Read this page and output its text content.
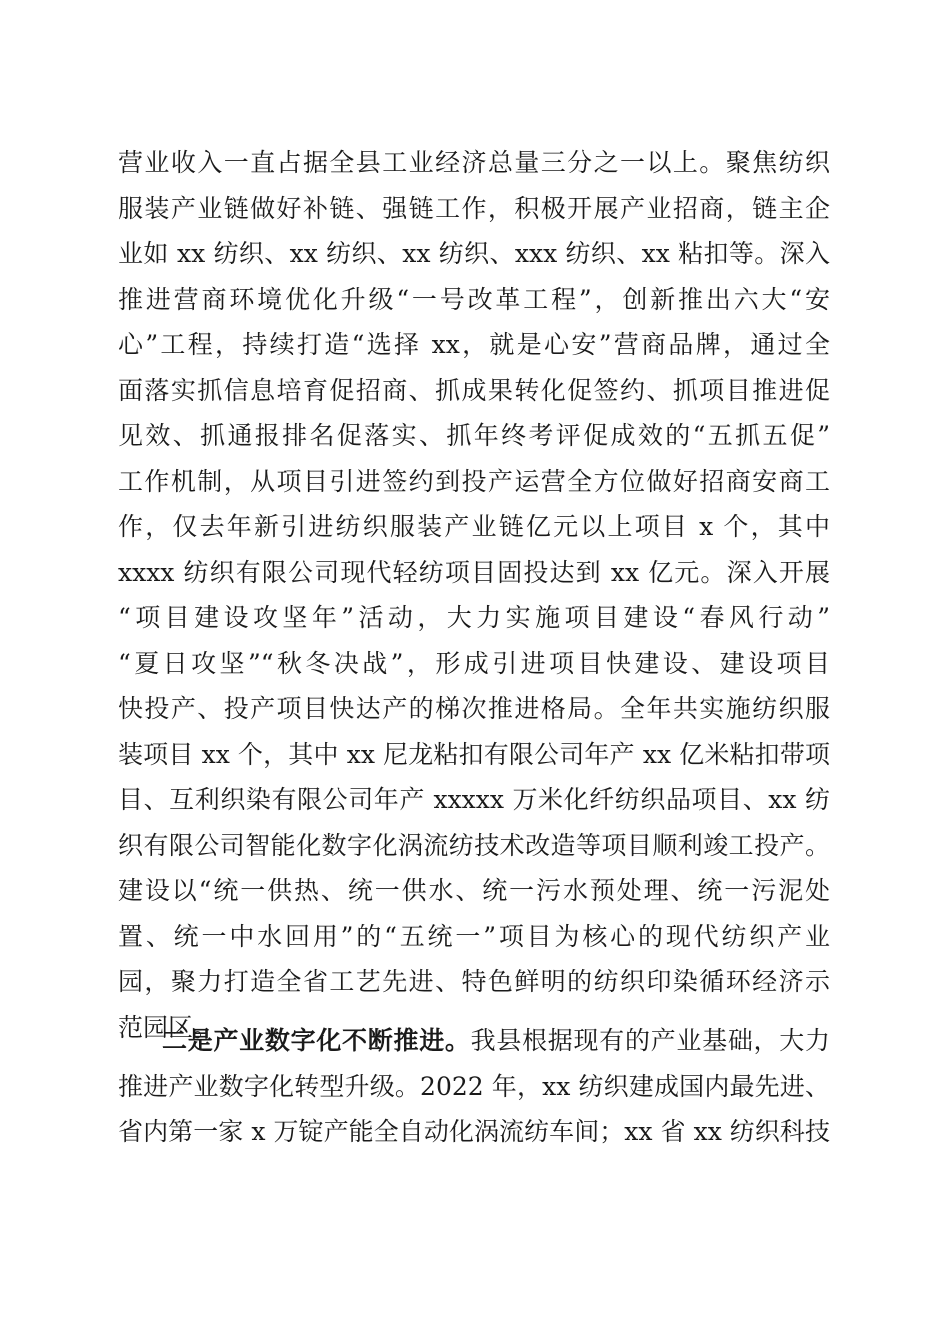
营业收入一直占据全县工业经济总量三分之一以上。聚焦纺织
服装产业链做好补链、强链工作，积极开展产业招商，链主企
业如 xx 纺织、xx 纺织、xx 纺织、xxx 纺织、xx 粘扣等。深入
推进营商环境优化升级“一号改革工程”，创新推出六大“安
心”工程，持续打造“选择 xx，就是心安”营商品牌，通过全
面落实抓信息培育促招商、抓成果转化促签约、抓项目推进促
见效、抓通报排名促落实、抓年终考评促成效的“五抓五促”
工作机制，从项目引进签约到投产运营全方位做好招商安商工
作，仅去年新引进纺织服装产业链亿元以上项目 x 个，其中
xxxx 纺织有限公司现代轻纺项目固投达到 xx 亿元。深入开展
“项目建设攻坚年”活动，大力实施项目建设“春风行动”
“夏日攻坚”“秋冬决战”，形成引进项目快建设、建设项目
快投产、投产项目快达产的梯次推进格局。全年共实施纺织服
装项目 xx 个，其中 xx 尼龙粘扣有限公司年产 xx 亿米粘扣带项
目、互利织染有限公司年产 xxxxx 万米化纤纺织品项目、xx 纺
织有限公司智能化数字化涡流纺技术改造等项目顺利竣工投产。
建设以“统一供热、统一供水、统一污水预处理、统一污泥处
置、统一中水回用”的“五统一”项目为核心的现代纺织产业
园，聚力打造全省工艺先进、特色鲜明的纺织印染循环经济示
范园区。
二是产业数字化不断推进。我县根据现有的产业基础，大力
推进产业数字化转型升级。2022 年，xx 纺织建成国内最先进、
省内第一家 x 万锭产能全自动化涡流纺车间；xx 省 xx 纺织科技
